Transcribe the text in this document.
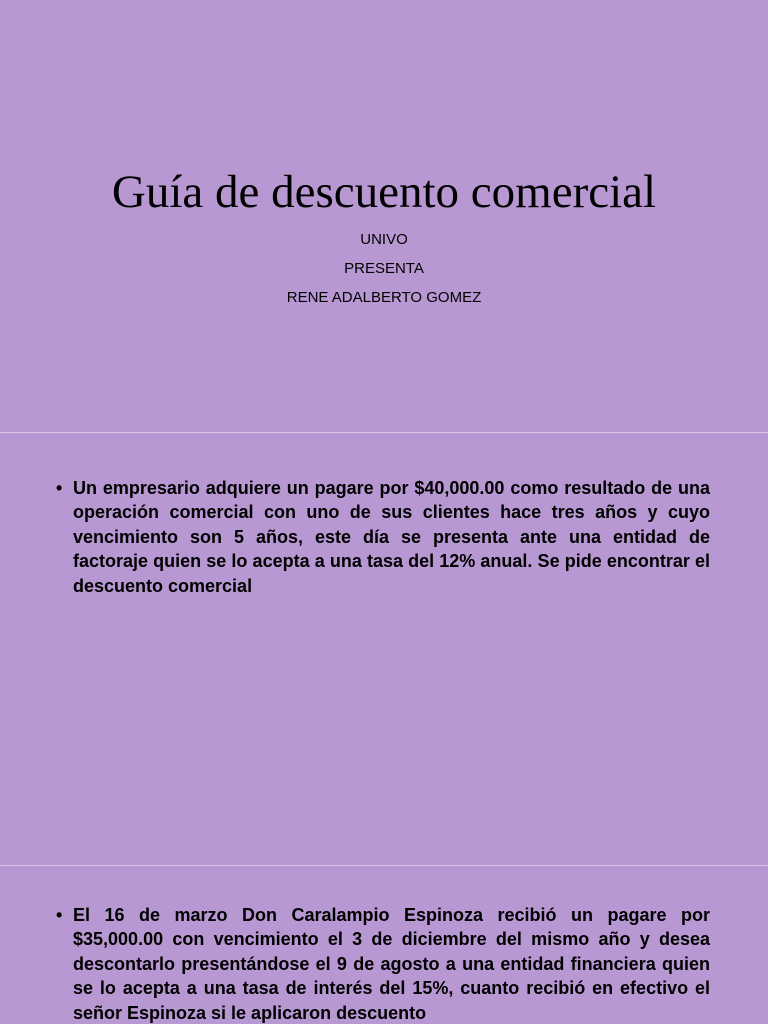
Guía de descuento comercial
UNIVO
PRESENTA
RENE ADALBERTO GOMEZ
• Un empresario adquiere un pagare por $40,000.00 como resultado de una operación comercial con uno de sus clientes hace tres años y cuyo vencimiento son 5 años, este día se presenta ante una entidad de factoraje quien se lo acepta a una tasa del 12% anual. Se pide encontrar el descuento comercial
• El 16 de marzo Don Caralampio Espinoza recibió un pagare por $35,000.00 con vencimiento el 3 de diciembre del mismo año y desea descontarlo presentándose el 9 de agosto a una entidad financiera quien se lo acepta a una tasa de interés del 15%, cuanto recibió en efectivo el señor Espinoza si le aplicaron descuento
